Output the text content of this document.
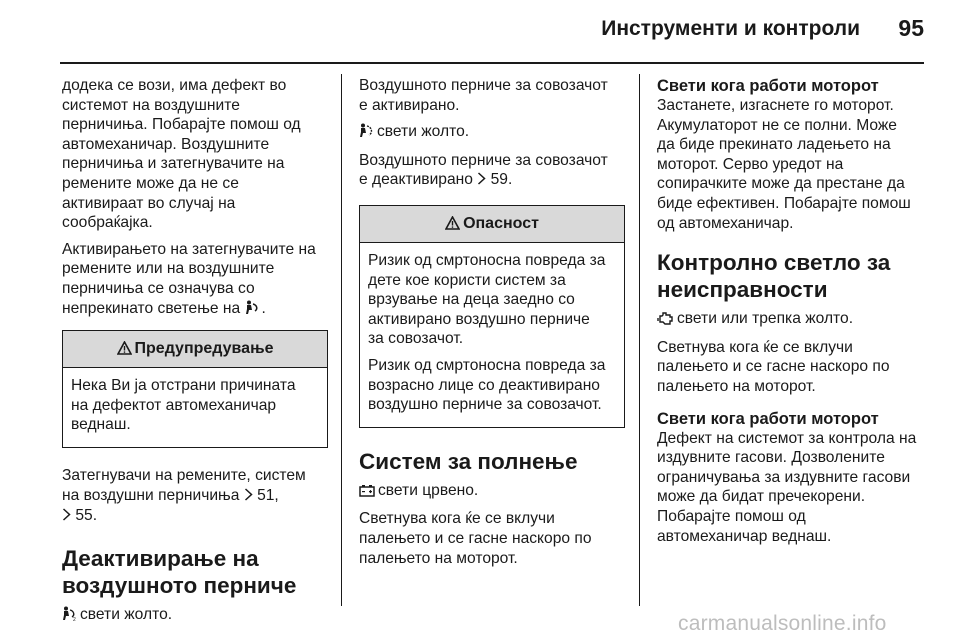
Инструменти и контроли	95

додека се вози, има дефект во
системот на воздушните
перничиња. Побарајте помош од
автомеханичар. Воздушните
перничиња и затегнувачите на
ремените може да не се
активираат во случај на
сообраќајка.

Активирањето на затегнувачите на
ремените или на воздушните
перничиња се означува со
непрекинато светење на .

Предупредување

Нека Ви ја отстрани причината
на дефектот автомеханичар
веднаш.

Затегнувачи на ремените, систем
на воздушни перничиња 51,
55.

Деактивирање на
воздушното перниче

2 свети жолто.

Воздушното перниче за совозачот
е активирано.

свети жолто.

Воздушното перниче за совозачот
е деактивирано 59.

Опасност

Ризик од смртоносна повреда за
дете кое користи систем за
врзување на деца заедно со
активирано воздушно перниче
за совозачот.

Ризик од смртоносна повреда за
возрасно лице со деактивирано
воздушно перниче за совозачот.

Систем за полнење

свети црвено.

Светнува кога ќе се вклучи
палењето и се гасне наскоро по
палењето на моторот.

Свети кога работи моторот

Застанете, изгаснете го моторот.
Акумулаторот не се полни. Може
да биде прекинато ладењето на
моторот. Серво уредот на
сопирачките може да престане да
биде ефективен. Побарајте помош
од автомеханичар.

Контролно светло за
неисправности

свети или трепка жолто.

Светнува кога ќе се вклучи
палењето и се гасне наскоро по
палењето на моторот.

Свети кога работи моторот

Дефект на системот за контрола на
издувните гасови. Дозволените
ограничувања за издувните гасови
може да бидат пречекорени.
Побарајте помош од
автомеханичар веднаш.

carmanualsonline.info
